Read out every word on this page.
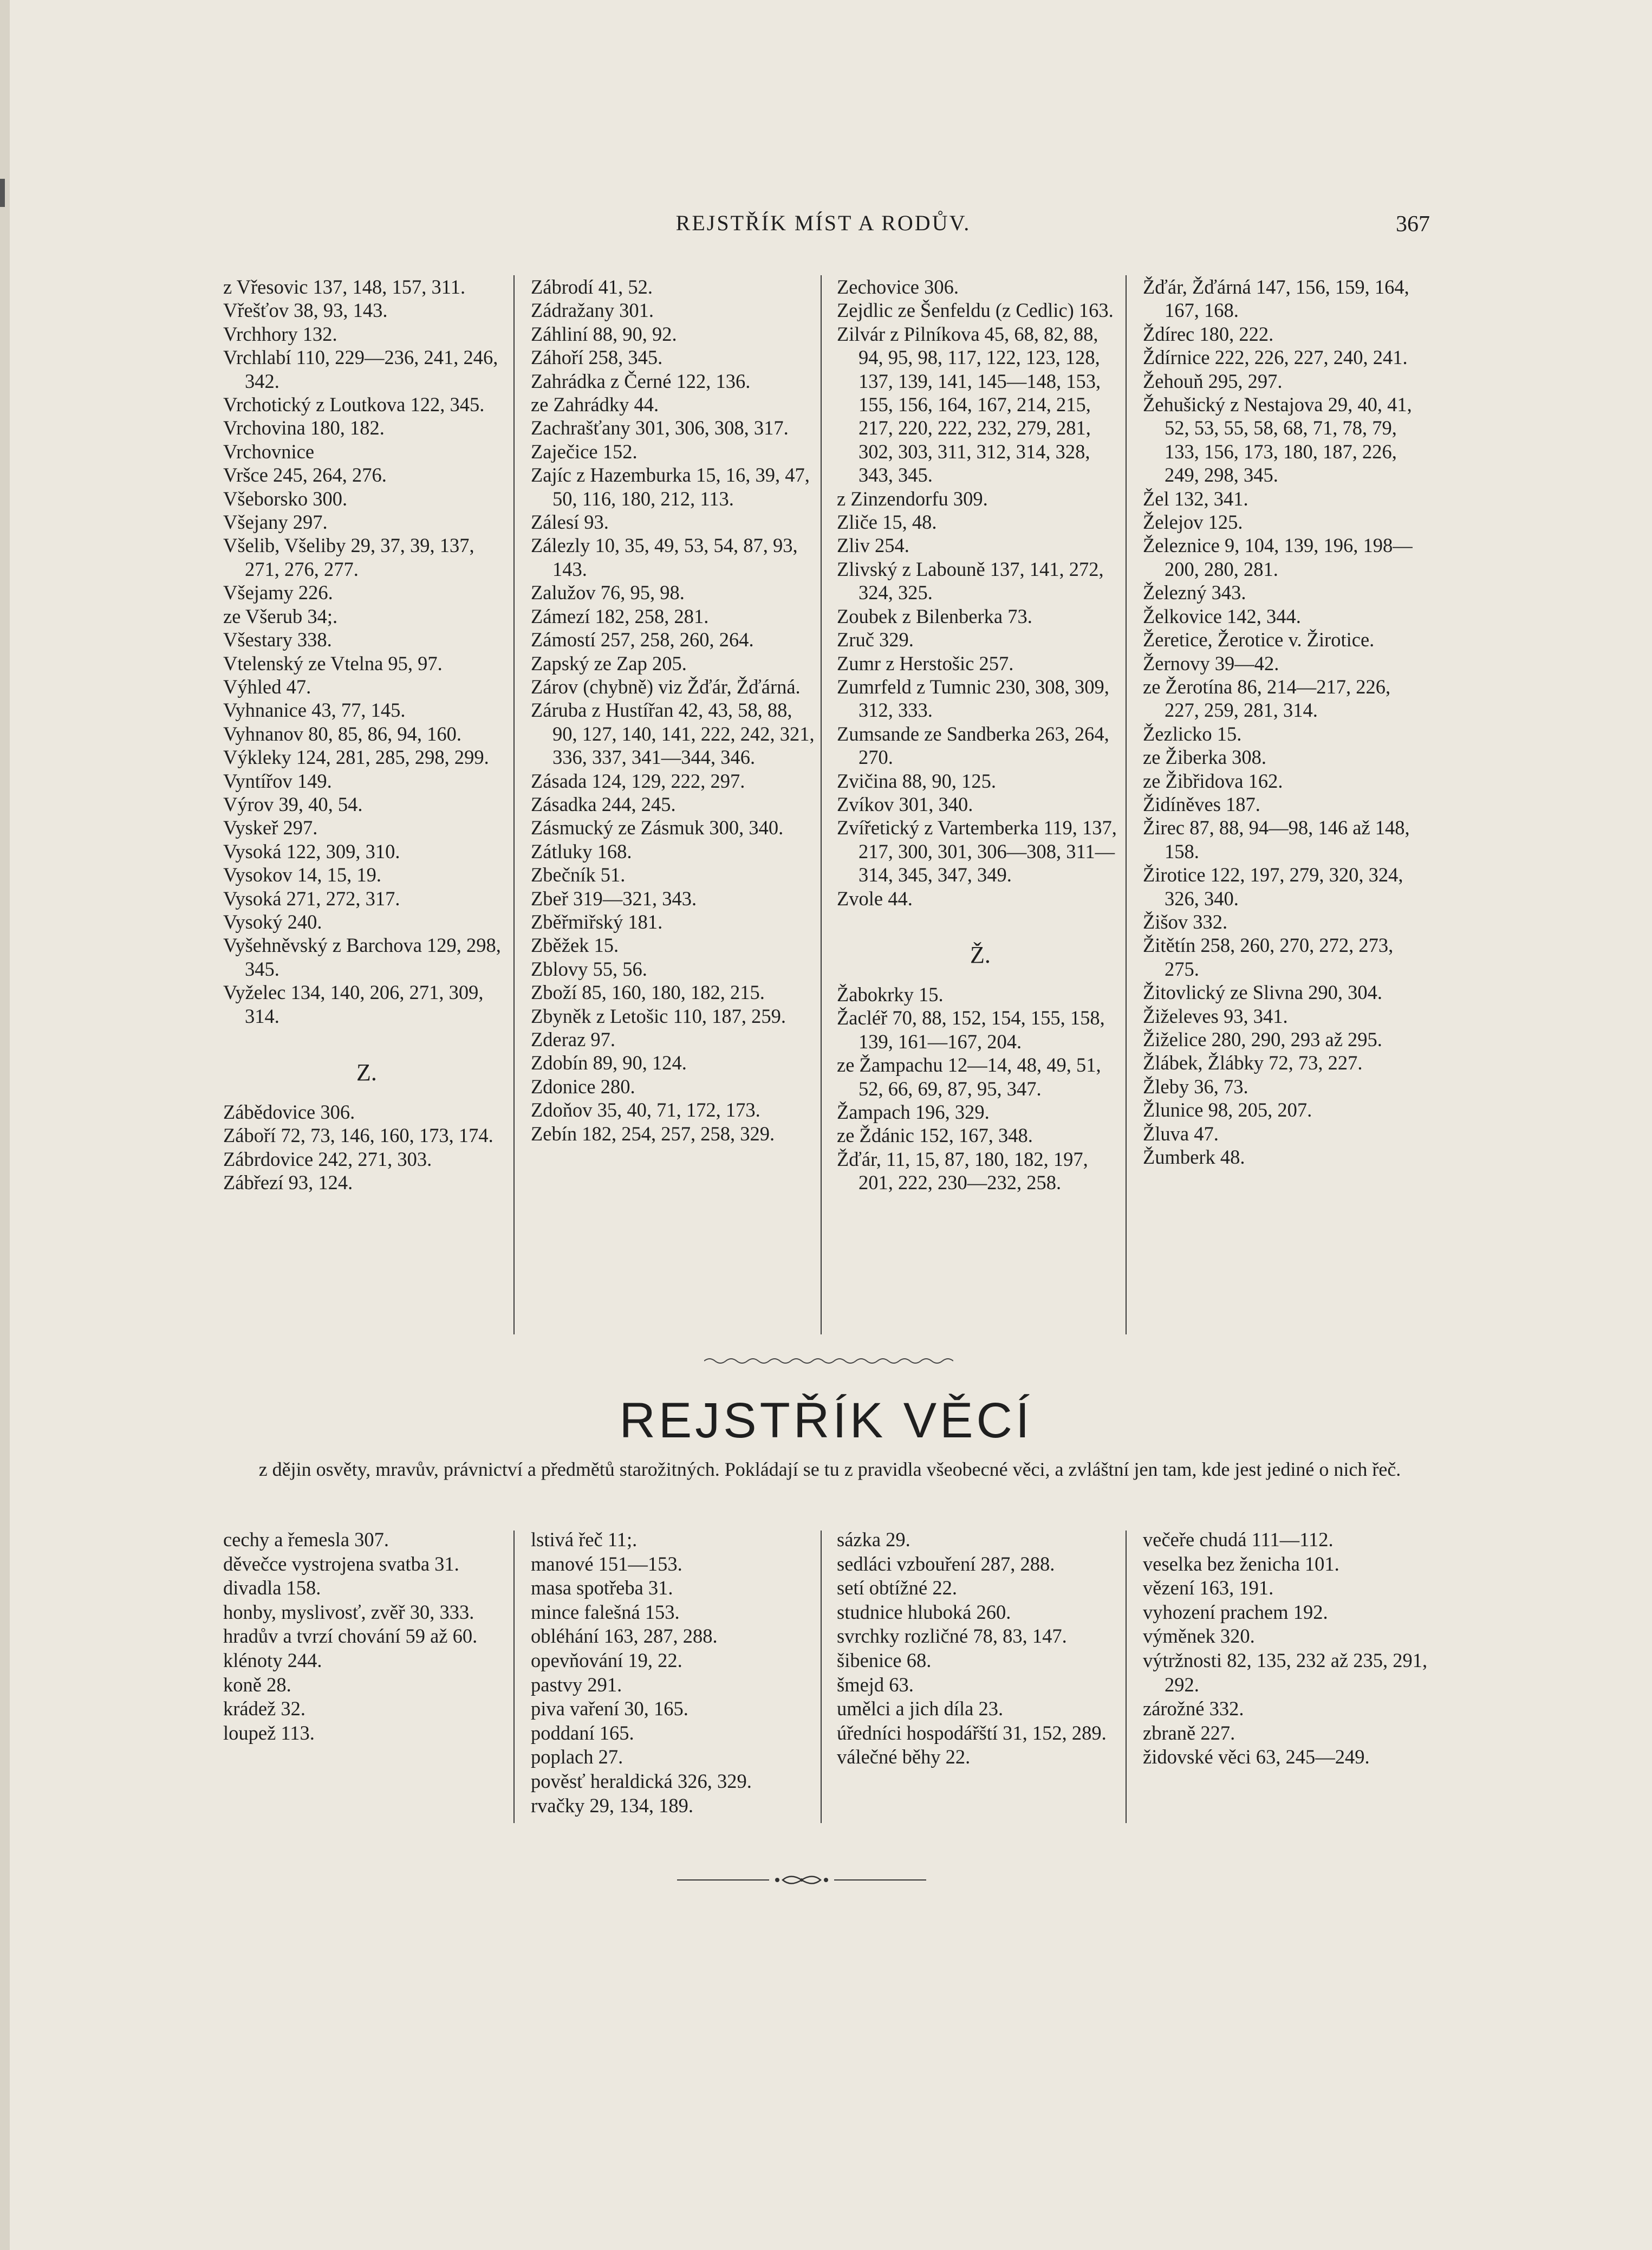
REJSTŘÍK MÍST A RODŮV.	367
z Vřesovic 137, 148, 157, 311.
Vřešťov 38, 93, 143.
Vrchhory 132.
Vrchlabí 110, 229—236, 241, 246, 342.
Vrchotický z Loutkova 122, 345.
Vrchovina 180, 182.
Vrchovnice
Vršce 245, 264, 276.
Všeborsko 300.
Všejany 297.
Všelib, Všeliby 29, 37, 39, 137, 271, 276, 277.
Všejamy 226.
ze Všerub 34;.
Všestary 338.
Vtelenský ze Vtelna 95, 97.
Výhled 47.
Vyhnanice 43, 77, 145.
Vyhnanov 80, 85, 86, 94, 160.
Výkleky 124, 281, 285, 298, 299.
Vyntířov 149.
Výrov 39, 40, 54.
Vyskeř 297.
Vysoká 122, 309, 310.
Vysokov 14, 15, 19.
Vysoká 271, 272, 317.
Vysoký 240.
Vyšehněvský z Barchova 129, 298, 345.
Vyželec 134, 140, 206, 271, 309, 314.
Z.
Zábědovice 306.
Záboří 72, 73, 146, 160, 173, 174.
Zábrdovice 242, 271, 303.
Zábřezí 93, 124.
Zábrodí 41, 52.
Zádražany 301.
Záhliní 88, 90, 92.
Záhoří 258, 345.
Zahrádka z Černé 122, 136.
ze Zahrádky 44.
Zachrašťany 301, 306, 308, 317.
Zaječice 152.
Zajíc z Hazemburka 15, 16, 39, 47, 50, 116, 180, 212, 113.
Zálesí 93.
Zálezly 10, 35, 49, 53, 54, 87, 93, 143.
Zalužov 76, 95, 98.
Zámezí 182, 258, 281.
Zámostí 257, 258, 260, 264.
Zapský ze Zap 205.
Zárov (chybně) viz Žďár, Žďárná.
Záruba z Hustířan 42, 43, 58, 88, 90, 127, 140, 141, 222, 242, 321, 336, 337, 341—344, 346.
Zásada 124, 129, 222, 297.
Zásadka 244, 245.
Zásmucký ze Zásmuk 300, 340.
Zátluky 168.
Zbečník 51.
Zbeř 319—321, 343.
Zběřmiřský 181.
Zběžek 15.
Zblovy 55, 56.
Zboží 85, 160, 180, 182, 215.
Zbyněk z Letošic 110, 187, 259.
Zderaz 97.
Zdobín 89, 90, 124.
Zdonice 280.
Zdoňov 35, 40, 71, 172, 173.
Zebín 182, 254, 257, 258, 329.
Zechovice 306.
Zejdlic ze Šenfeldu (z Cedlic) 163.
Zilvár z Pilníkova 45, 68, 82, 88, 94, 95, 98, 117, 122, 123, 128, 137, 139, 141, 145—148, 153, 155, 156, 164, 167, 214, 215, 217, 220, 222, 232, 279, 281, 302, 303, 311, 312, 314, 328, 343, 345.
z Zinzendorfu 309.
Zliče 15, 48.
Zliv 254.
Zlivský z Labouně 137, 141, 272, 324, 325.
Zoubek z Bilenberka 73.
Zruč 329.
Zumr z Herstošic 257.
Zumrfeld z Tumnic 230, 308, 309, 312, 333.
Zumsande ze Sandberka 263, 264, 270.
Zvičina 88, 90, 125.
Zvíkov 301, 340.
Zvířetický z Vartemberka 119, 137, 217, 300, 301, 306—308, 311—314, 345, 347, 349.
Zvole 44.
Ž.
Žabokrky 15.
Žacléř 70, 88, 152, 154, 155, 158, 139, 161—167, 204.
ze Žampachu 12—14, 48, 49, 51, 52, 66, 69, 87, 95, 347.
Žampach 196, 329.
ze Ždánic 152, 167, 348.
Žďár, 11, 15, 87, 180, 182, 197, 201, 222, 230—232, 258.
Žďár, Žďárná 147, 156, 159, 164, 167, 168.
Ždírec 180, 222.
Ždírnice 222, 226, 227, 240, 241.
Žehouň 295, 297.
Žehušický z Nestajova 29, 40, 41, 52, 53, 55, 58, 68, 71, 78, 79, 133, 156, 173, 180, 187, 226, 249, 298, 345.
Žel 132, 341.
Želejov 125.
Železnice 9, 104, 139, 196, 198—200, 280, 281.
Železný 343.
Želkovice 142, 344.
Žeretice, Žerotice v. Žirotice.
Žernovy 39—42.
ze Žerotína 86, 214—217, 226, 227, 259, 281, 314.
Žezlicko 15.
ze Žiberka 308.
ze Žibřidova 162.
Židíněves 187.
Žirec 87, 88, 94—98, 146 až 148, 158.
Žirotice 122, 197, 279, 320, 324, 326, 340.
Žišov 332.
Žitětín 258, 260, 270, 272, 273, 275.
Žitovlický ze Slivna 290, 304.
Žiželeves 93, 341.
Žiželice 280, 290, 293 až 295.
Žlábek, Žlábky 72, 73, 227.
Žleby 36, 73.
Žlunice 98, 205, 207.
Žluva 47.
Žumberk 48.
REJSTŘÍK VĚCÍ
z dějin osvěty, mravův, právnictví a předmětů starožitných. Pokládají se tu z pravidla všeobecné věci, a zvláštní jen tam, kde jest jediné o nich řeč.
cechy a řemesla 307.
děvečce vystrojena svatba 31.
divadla 158.
honby, myslivosť, zvěř 30, 333.
hradův a tvrzí chování 59 až 60.
klénoty 244.
koně 28.
krádež 32.
loupež 113.
lstivá řeč 11;.
manové 151—153.
masa spotřeba 31.
mince falešná 153.
obléhání 163, 287, 288.
opevňování 19, 22.
pastvy 291.
piva vaření 30, 165.
poddaní 165.
poplach 27.
pověsť heraldická 326, 329.
rvačky 29, 134, 189.
sázka 29.
sedláci vzbouření 287, 288.
setí obtížné 22.
studnice hluboká 260.
svrchky rozličné 78, 83, 147.
šibenice 68.
šmejd 63.
umělci a jich díla 23.
úředníci hospodářští 31, 152, 289.
válečné běhy 22.
večeře chudá 111—112.
veselka bez ženicha 101.
vězení 163, 191.
vyhození prachem 192.
výměnek 320.
výtržnosti 82, 135, 232 až 235, 291, 292.
zárožné 332.
zbraně 227.
židovské věci 63, 245—249.
